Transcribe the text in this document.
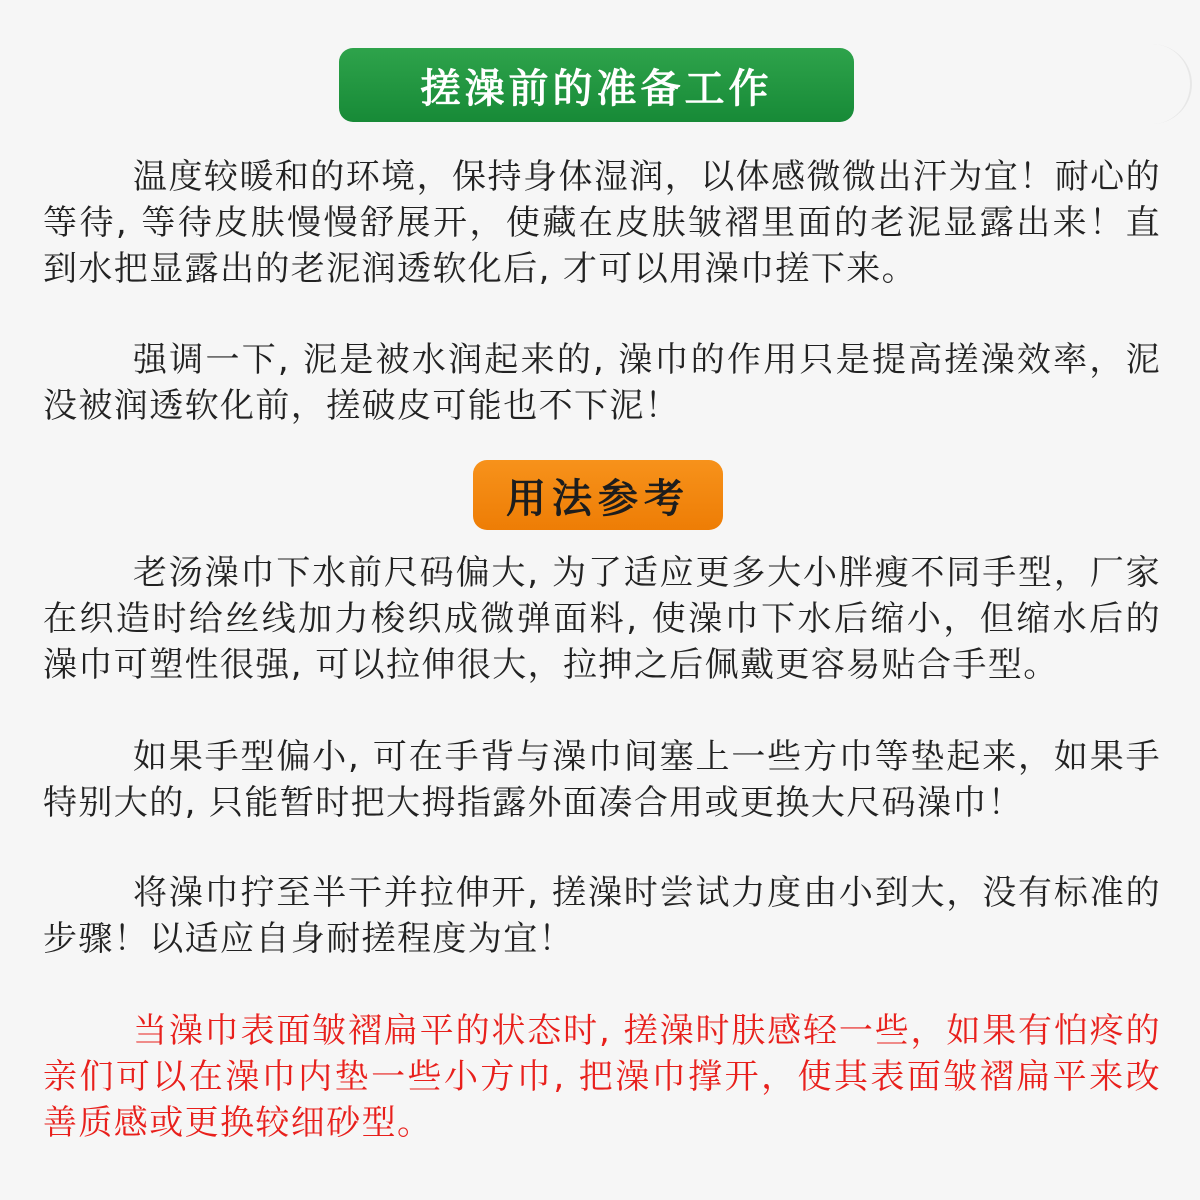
搓澡前的准备工作

温度较暖和的环境，保持身体湿润，以体感微微出汗为宜！耐心的等待, 等待皮肤慢慢舒展开，使藏在皮肤皱褶里面的老泥显露出来！直到水把显露出的老泥润透软化后, 才可以用澡巾搓下来。

强调一下, 泥是被水润起来的, 澡巾的作用只是提高搓澡效率，泥没被润透软化前，搓破皮可能也不下泥！

用法参考

老汤澡巾下水前尺码偏大, 为了适应更多大小胖瘦不同手型，厂家在织造时给丝线加力梭织成微弹面料, 使澡巾下水后缩小，但缩水后的澡巾可塑性很强, 可以拉伸很大，拉抻之后佩戴更容易贴合手型。

如果手型偏小, 可在手背与澡巾间塞上一些方巾等垫起来，如果手特别大的, 只能暂时把大拇指露外面凑合用或更换大尺码澡巾！

将澡巾拧至半干并拉伸开, 搓澡时尝试力度由小到大，没有标准的步骤！以适应自身耐搓程度为宜！

当澡巾表面皱褶扁平的状态时, 搓澡时肤感轻一些，如果有怕疼的亲们可以在澡巾内垫一些小方巾, 把澡巾撑开，使其表面皱褶扁平来改善质感或更换较细砂型。
